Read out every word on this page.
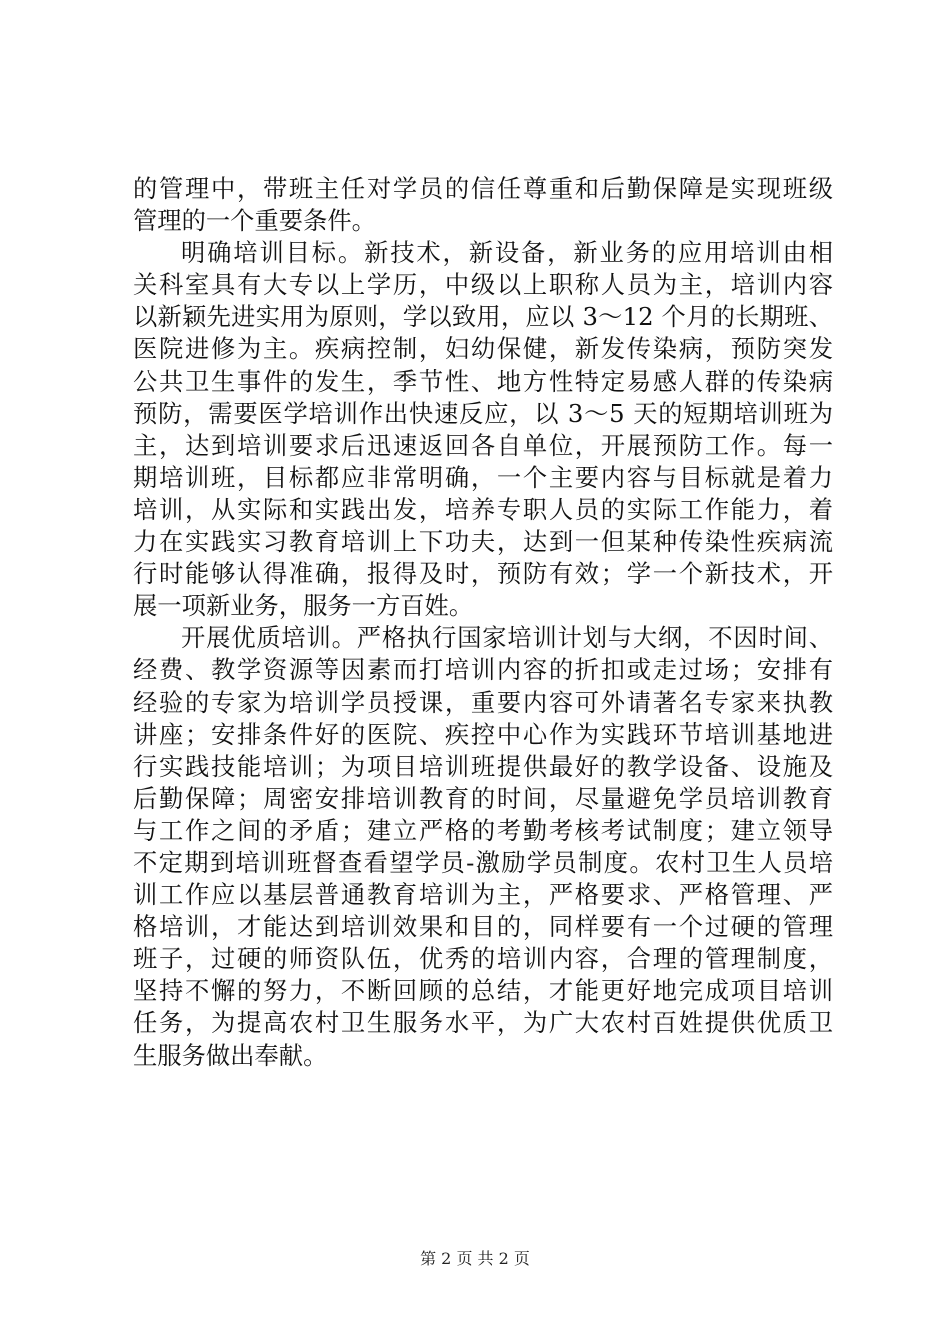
的管理中，带班主任对学员的信任尊重和后勤保障是实现班级
管理的一个重要条件。
明确培训目标。新技术，新设备，新业务的应用培训由相
关科室具有大专以上学历，中级以上职称人员为主，培训内容
以新颖先进实用为原则，学以致用，应以 3～12 个月的长期班、
医院进修为主。疾病控制，妇幼保健，新发传染病，预防突发
公共卫生事件的发生，季节性、地方性特定易感人群的传染病
预防，需要医学培训作出快速反应，以 3～5 天的短期培训班为
主，达到培训要求后迅速返回各自单位，开展预防工作。每一
期培训班，目标都应非常明确，一个主要内容与目标就是着力
培训，从实际和实践出发，培养专职人员的实际工作能力，着
力在实践实习教育培训上下功夫，达到一但某种传染性疾病流
行时能够认得准确，报得及时，预防有效；学一个新技术，开
展一项新业务，服务一方百姓。
开展优质培训。严格执行国家培训计划与大纲，不因时间、
经费、教学资源等因素而打培训内容的折扣或走过场；安排有
经验的专家为培训学员授课，重要内容可外请著名专家来执教
讲座；安排条件好的医院、疾控中心作为实践环节培训基地进
行实践技能培训；为项目培训班提供最好的教学设备、设施及
后勤保障；周密安排培训教育的时间，尽量避免学员培训教育
与工作之间的矛盾；建立严格的考勤考核考试制度；建立领导
不定期到培训班督查看望学员-激励学员制度。农村卫生人员培
训工作应以基层普通教育培训为主，严格要求、严格管理、严
格培训，才能达到培训效果和目的，同样要有一个过硬的管理
班子，过硬的师资队伍，优秀的培训内容，合理的管理制度，
坚持不懈的努力，不断回顾的总结，才能更好地完成项目培训
任务，为提高农村卫生服务水平，为广大农村百姓提供优质卫
生服务做出奉献。
第 2 页 共 2 页
